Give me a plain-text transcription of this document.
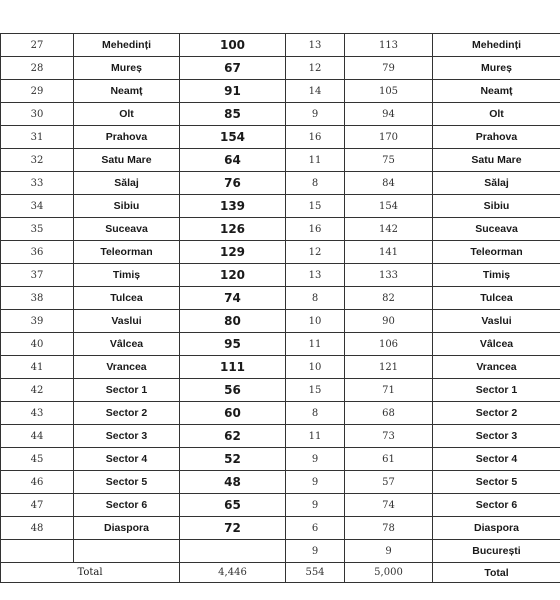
27	Mehedinți	100	13	113	Mehedinți
28	Mureș	67	12	79	Mureș
29	Neamț	91	14	105	Neamț
30	Olt	85	9	94	Olt
31	Prahova	154	16	170	Prahova
32	Satu Mare	64	11	75	Satu Mare
33	Sălaj	76	8	84	Sălaj
34	Sibiu	139	15	154	Sibiu
35	Suceava	126	16	142	Suceava
36	Teleorman	129	12	141	Teleorman
37	Timiș	120	13	133	Timiș
38	Tulcea	74	8	82	Tulcea
39	Vaslui	80	10	90	Vaslui
40	Vâlcea	95	11	106	Vâlcea
41	Vrancea	111	10	121	Vrancea
42	Sector 1	56	15	71	Sector 1
43	Sector 2	60	8	68	Sector 2
44	Sector 3	62	11	73	Sector 3
45	Sector 4	52	9	61	Sector 4
46	Sector 5	48	9	57	Sector 5
47	Sector 6	65	9	74	Sector 6
48	Diaspora	72	6	78	Diaspora
			9	9	București
Total		4,446	554	5,000	Total
